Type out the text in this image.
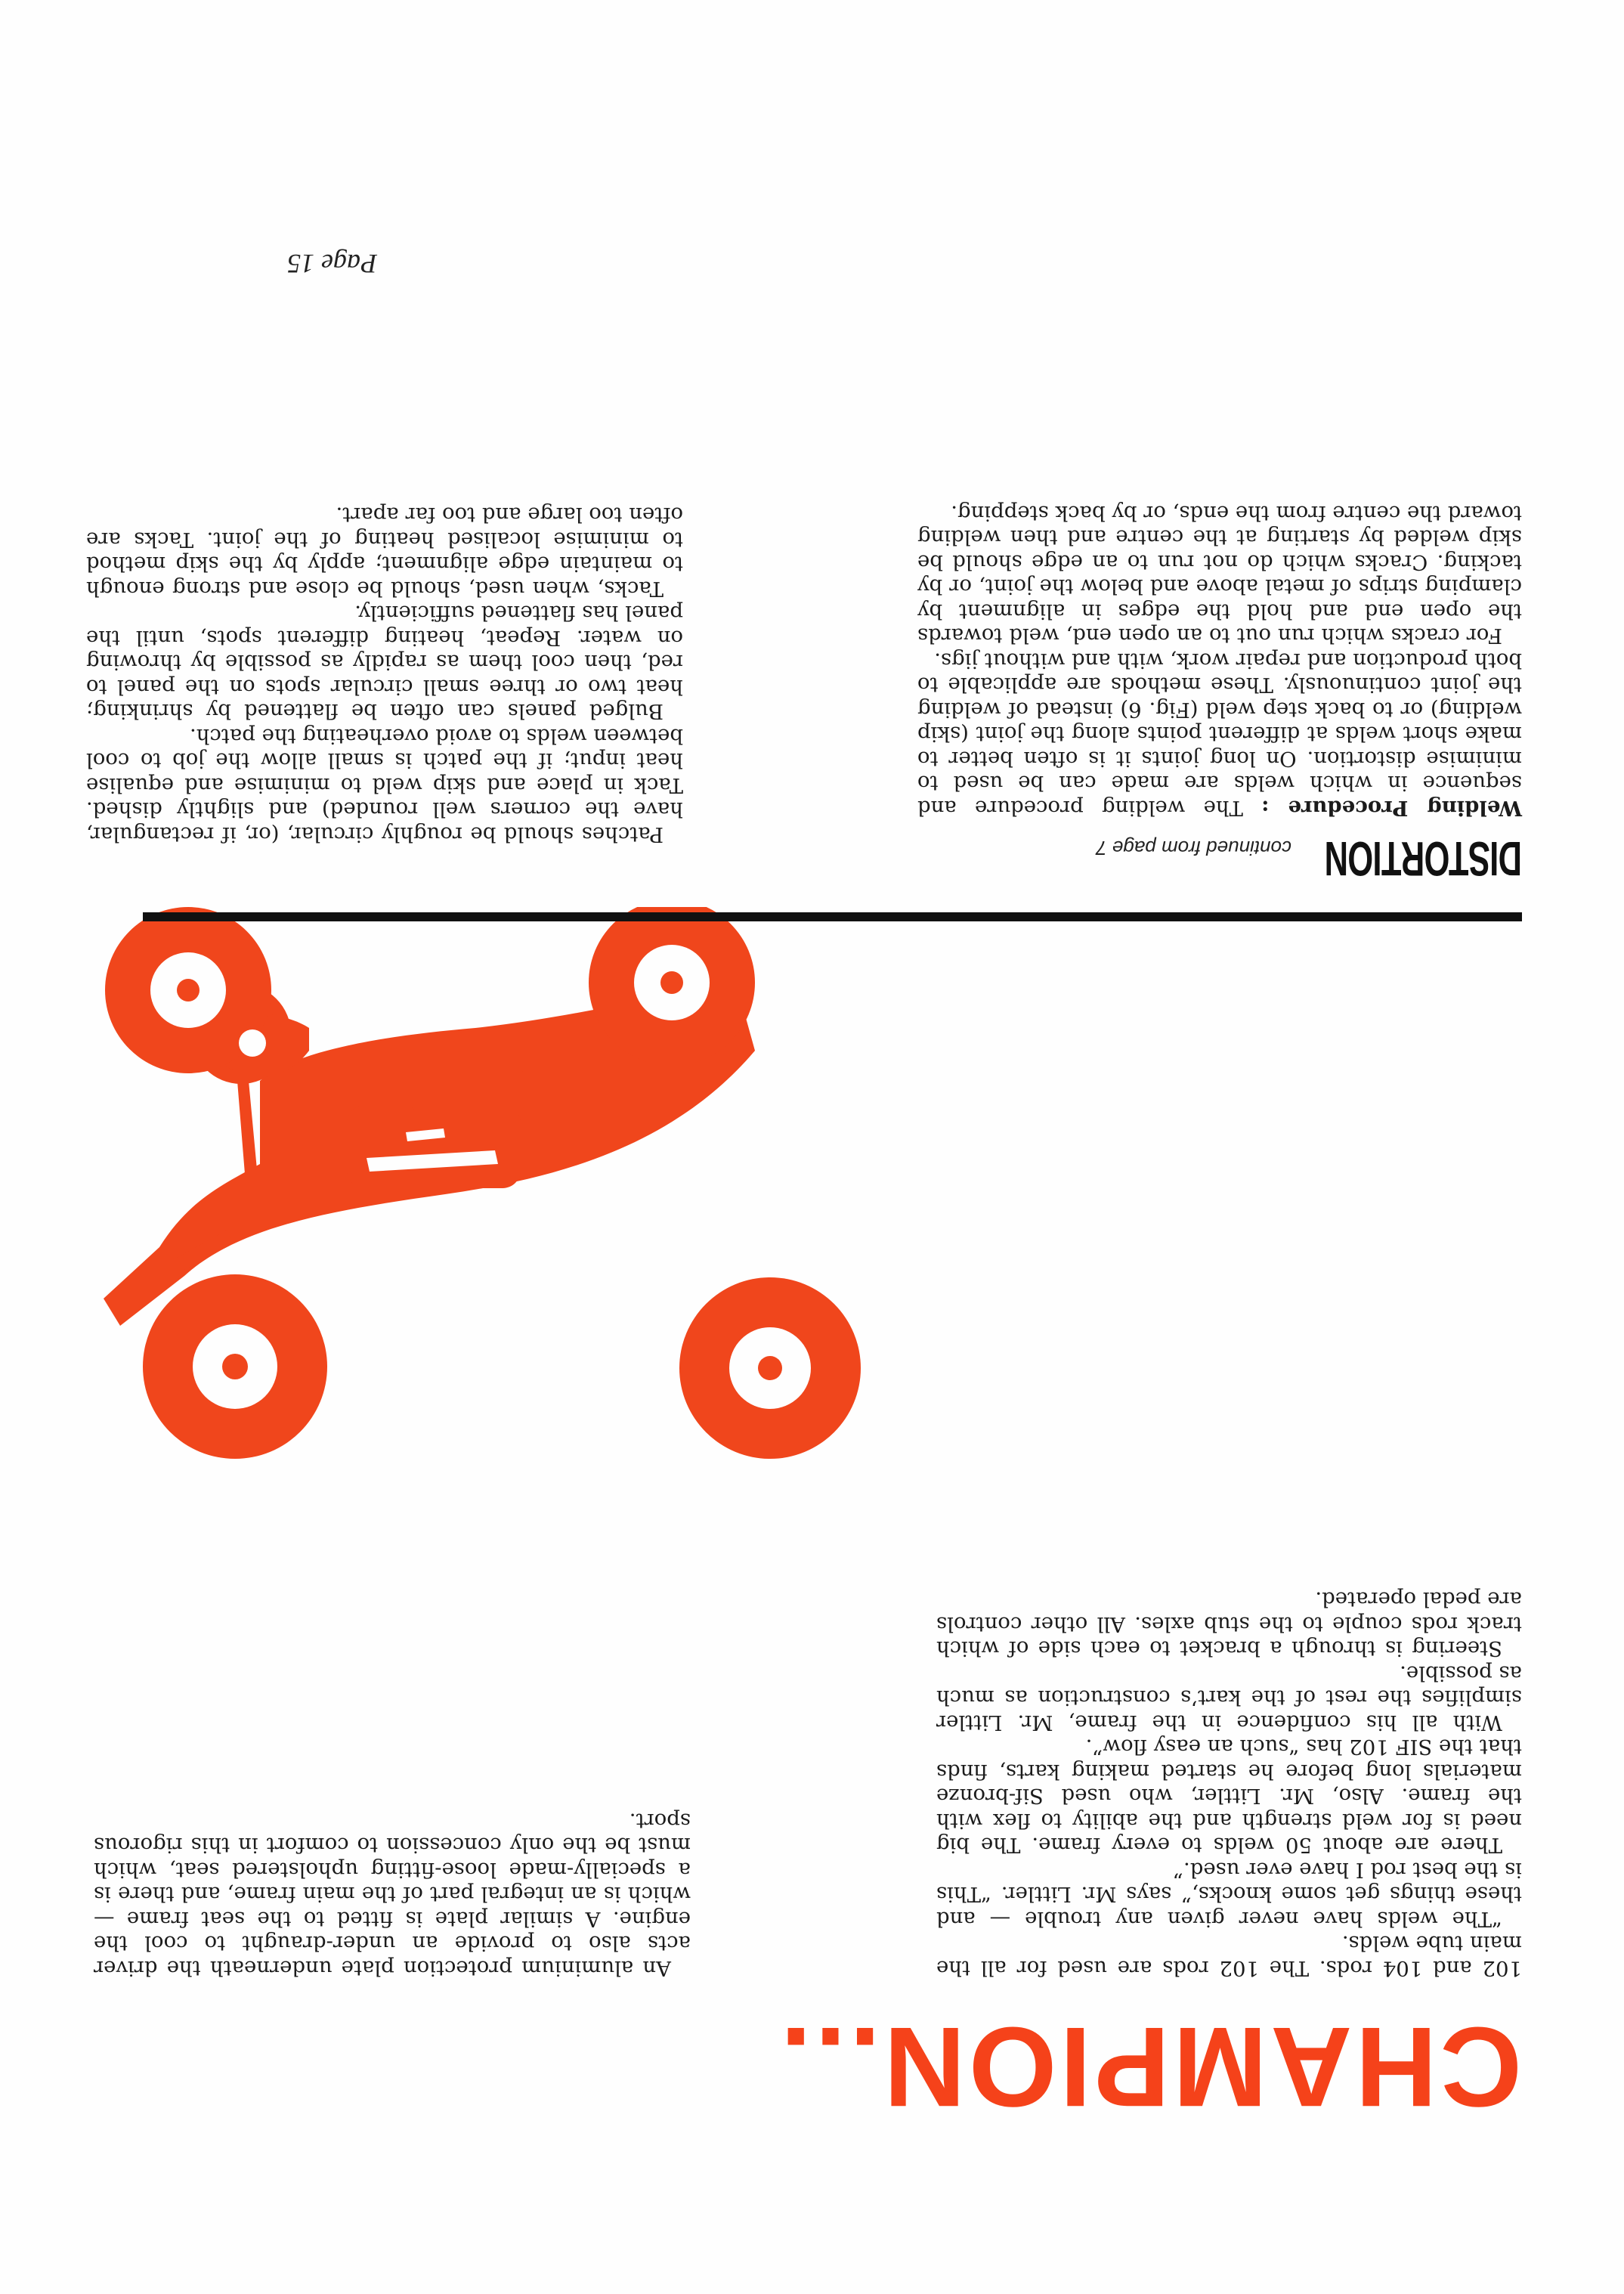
Page 15

CHAMPION...

102 and 104 rods. The 102 rods are used for all the main tube welds.

“The welds have never given any trouble — and these things get some knocks,” says Mr. Littler. “This is the best rod I have ever used.”

There are about 50 welds to every frame. The big need is for weld strength and the ability to flex with the frame. Also, Mr. Littler, who used Sif-bronze materials long before he started making karts, finds that the SIF 102 has “such an easy flow”.

With all his confidence in the frame, Mr. Littler simplifies the rest of the kart’s construction as much as possible.

Steering is through a bracket to each side of which track rods couple to the stub axles. All other controls are pedal operated.

An aluminium protection plate underneath the driver acts also to provide an under-draught to cool the engine. A similar plate is fitted to the seat frame — which is an integral part of the main frame, and there is a specially-made loose-fitting upholstered seat, which must be the only concession to comfort in this rigorous sport.

DISTORTION

continued from page 7

Welding Procedure : The welding procedure and sequence in which welds are made can be used to minimise distortion. On long joints it is often better to make short welds at different points along the joint (skip welding) or to back step weld (Fig. 6) instead of welding the joint continuously. These methods are applicable to both production and repair work, with and without jigs.

For cracks which run out to an open end, weld towards the open end and hold the edges in alignment by clamping strips of metal above and below the joint, or by tacking. Cracks which do not run to an edge should be skip welded by starting at the centre and then welding toward the centre from the ends, or by back stepping.

Patches should be roughly circular, (or, if rectangular, have the corners well rounded) and slightly dished. Tack in place and skip weld to minimise and equalise heat input; if the patch is small allow the job to cool between welds to avoid overheating the patch.

Bulged panels can often be flattened by shrinking; heat two or three small circular spots on the panel to red, then cool them as rapidly as possible by throwing on water. Repeat, heating different spots, until the panel has flattened sufficiently.

Tacks, when used, should be close and strong enough to maintain edge alignment; apply by the skip method to minimise localised heating of the joint. Tacks are often too large and too far apart.
